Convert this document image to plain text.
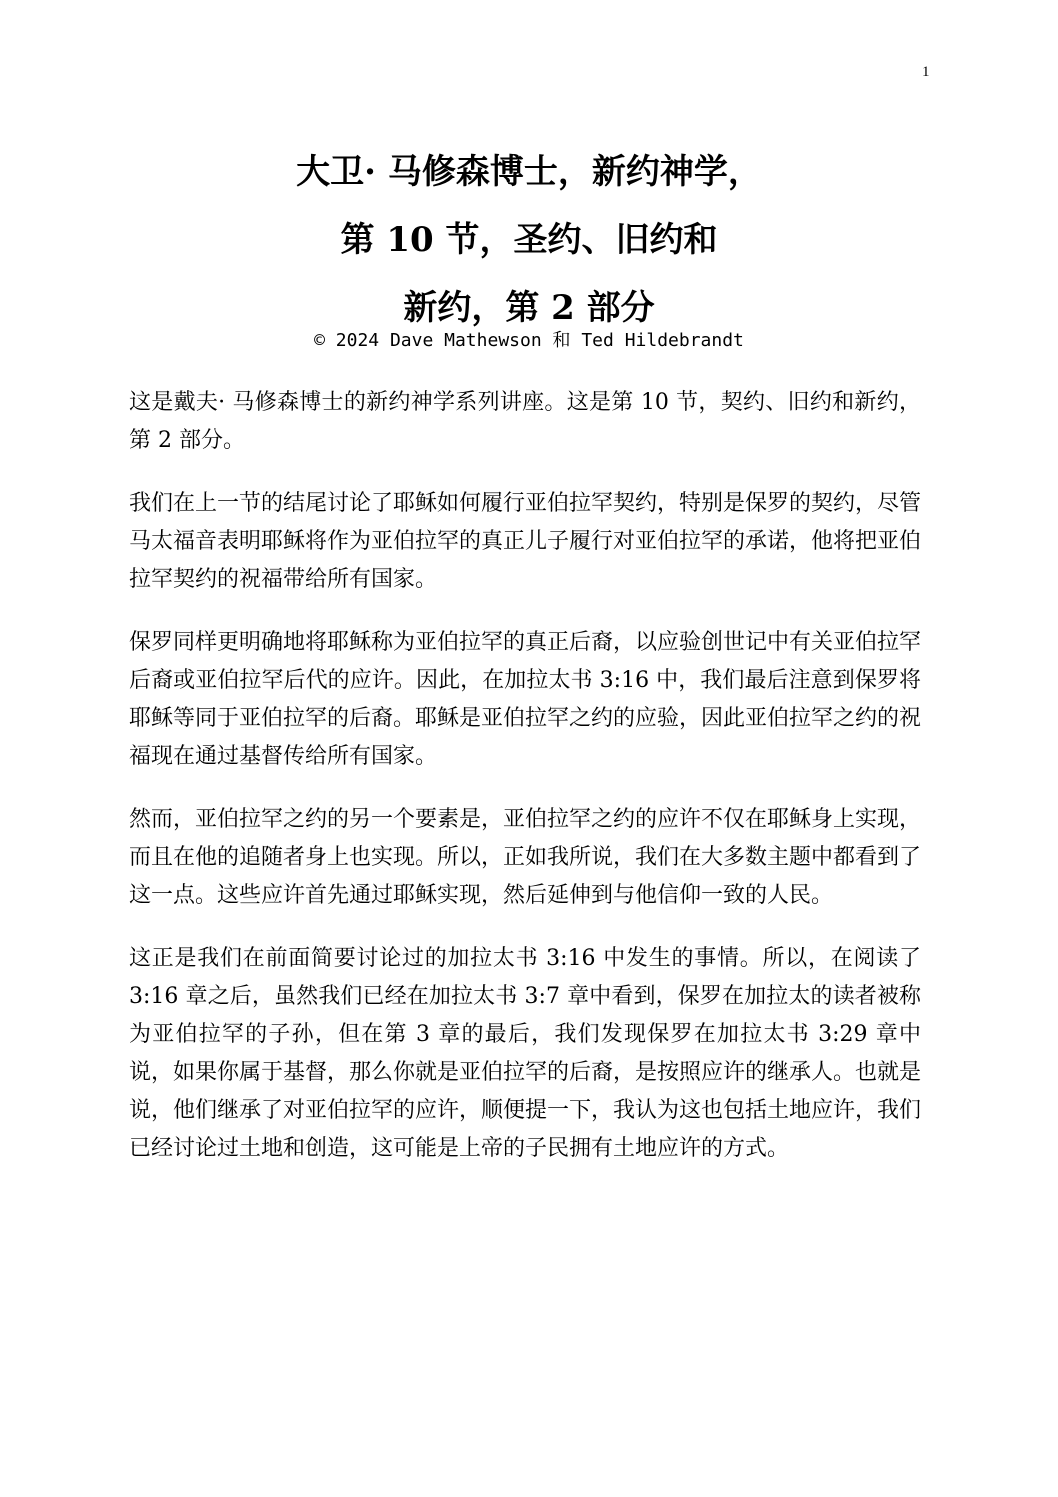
1
大卫· 马修森博士，新约神学，
第 10 节，圣约、旧约和
新约，第 2 部分
© 2024 Dave Mathewson 和 Ted Hildebrandt

这是戴夫· 马修森博士的新约神学系列讲座。这是第 10 节，契约、旧约和新约，第 2 部分。

我们在上一节的结尾讨论了耶稣如何履行亚伯拉罕契约，特别是保罗的契约，尽管马太福音表明耶稣将作为亚伯拉罕的真正儿子履行对亚伯拉罕的承诺，他将把亚伯拉罕契约的祝福带给所有国家。

保罗同样更明确地将耶稣称为亚伯拉罕的真正后裔，以应验创世记中有关亚伯拉罕后裔或亚伯拉罕后代的应许。因此，在加拉太书 3:16 中，我们最后注意到保罗将耶稣等同于亚伯拉罕的后裔。耶稣是亚伯拉罕之约的应验，因此亚伯拉罕之约的祝福现在通过基督传给所有国家。

然而，亚伯拉罕之约的另一个要素是，亚伯拉罕之约的应许不仅在耶稣身上实现，而且在他的追随者身上也实现。所以，正如我所说，我们在大多数主题中都看到了这一点。这些应许首先通过耶稣实现，然后延伸到与他信仰一致的人民。

这正是我们在前面简要讨论过的加拉太书 3:16 中发生的事情。所以，在阅读了 3:16 章之后，虽然我们已经在加拉太书 3:7 章中看到，保罗在加拉太的读者被称为亚伯拉罕的子孙，但在第 3 章的最后，我们发现保罗在加拉太书 3:29 章中说，如果你属于基督，那么你就是亚伯拉罕的后裔，是按照应许的继承人。也就是说，他们继承了对亚伯拉罕的应许，顺便提一下，我认为这也包括土地应许，我们已经讨论过土地和创造，这可能是上帝的子民拥有土地应许的方式。
